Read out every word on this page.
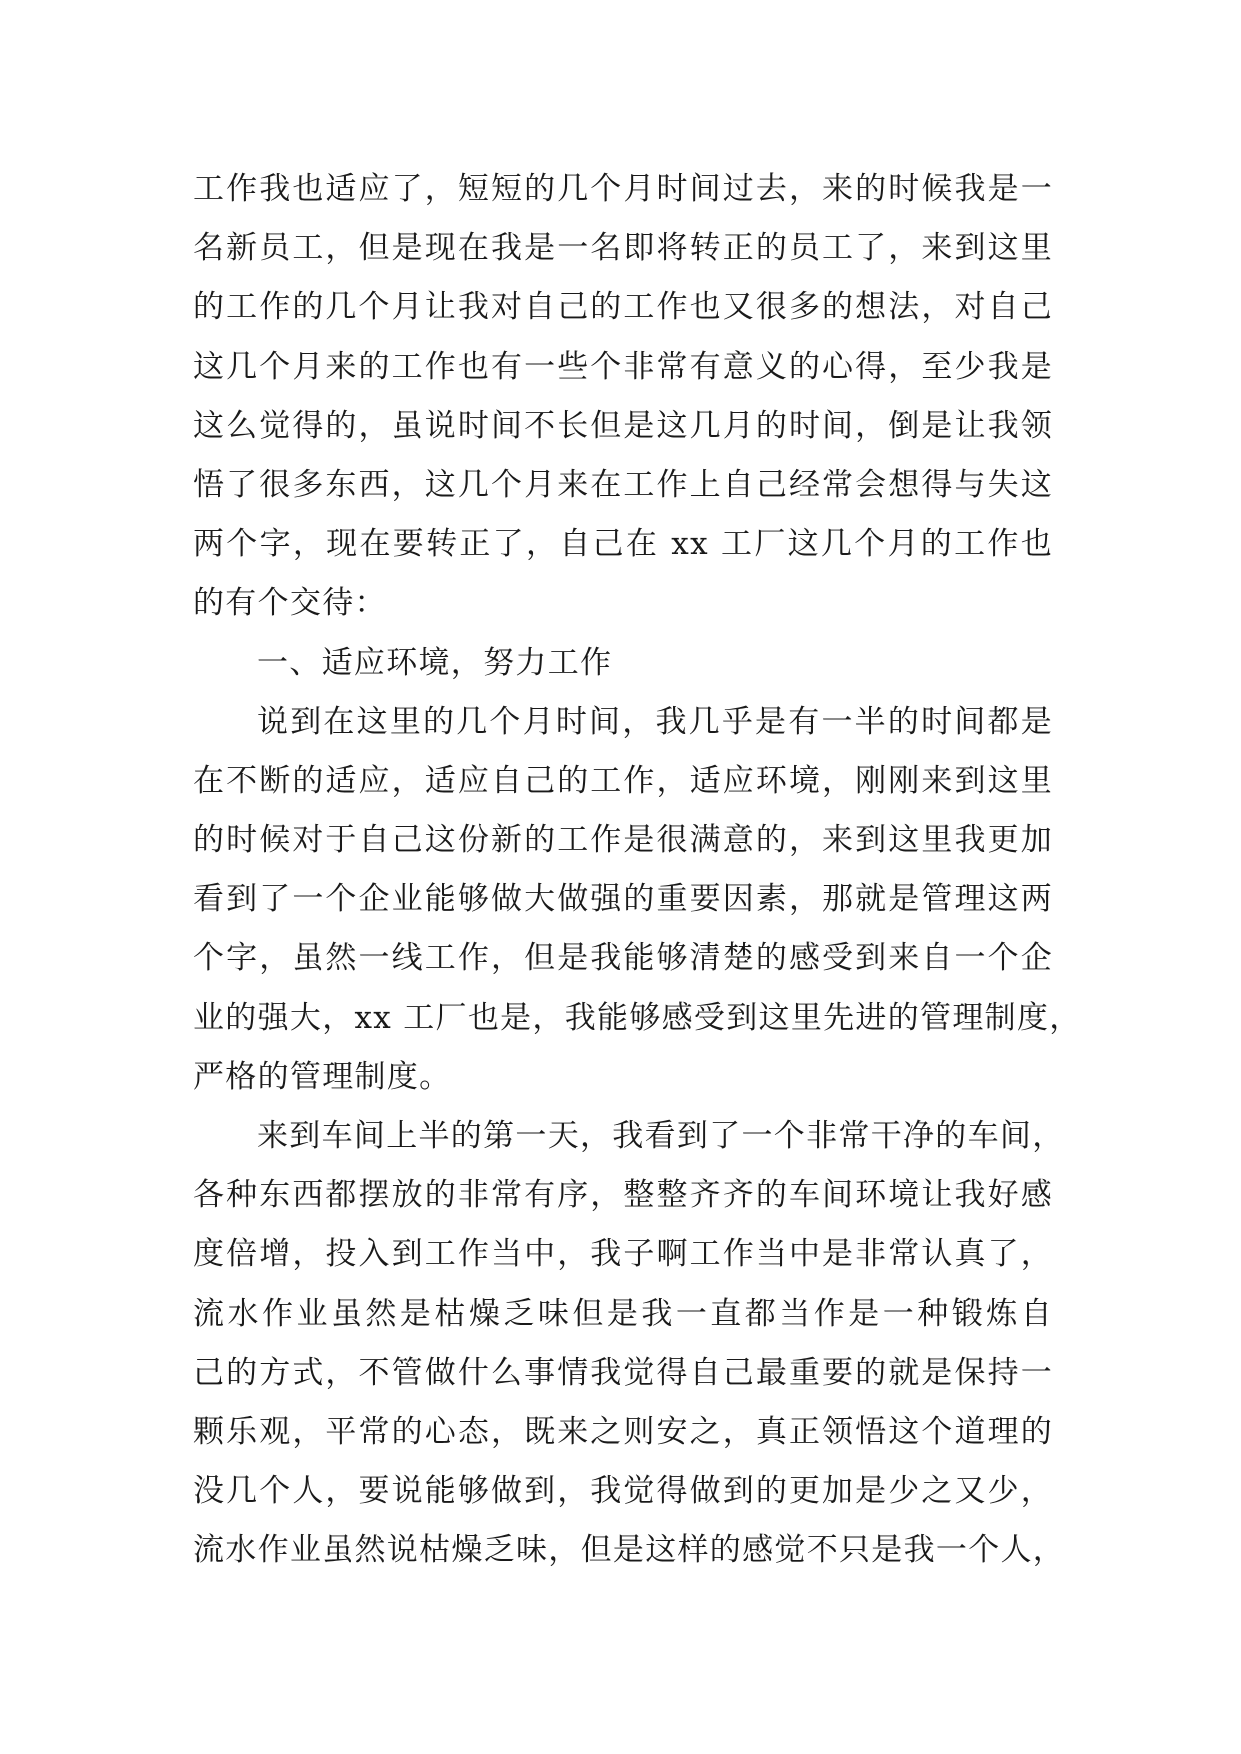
工作我也适应了，短短的几个月时间过去，来的时候我是一
名新员工，但是现在我是一名即将转正的员工了，来到这里
的工作的几个月让我对自己的工作也又很多的想法，对自己
这几个月来的工作也有一些个非常有意义的心得，至少我是
这么觉得的，虽说时间不长但是这几月的时间，倒是让我领
悟了很多东西，这几个月来在工作上自己经常会想得与失这
两个字，现在要转正了，自己在 xx 工厂这几个月的工作也
的有个交待：
一、适应环境，努力工作
说到在这里的几个月时间，我几乎是有一半的时间都是
在不断的适应，适应自己的工作，适应环境，刚刚来到这里
的时候对于自己这份新的工作是很满意的，来到这里我更加
看到了一个企业能够做大做强的重要因素，那就是管理这两
个字，虽然一线工作，但是我能够清楚的感受到来自一个企
业的强大，xx 工厂也是，我能够感受到这里先进的管理制度，
严格的管理制度。
来到车间上半的第一天，我看到了一个非常干净的车间，
各种东西都摆放的非常有序，整整齐齐的车间环境让我好感
度倍增，投入到工作当中，我子啊工作当中是非常认真了，
流水作业虽然是枯燥乏味但是我一直都当作是一种锻炼自
己的方式，不管做什么事情我觉得自己最重要的就是保持一
颗乐观，平常的心态，既来之则安之，真正领悟这个道理的
没几个人，要说能够做到，我觉得做到的更加是少之又少，
流水作业虽然说枯燥乏味，但是这样的感觉不只是我一个人，
